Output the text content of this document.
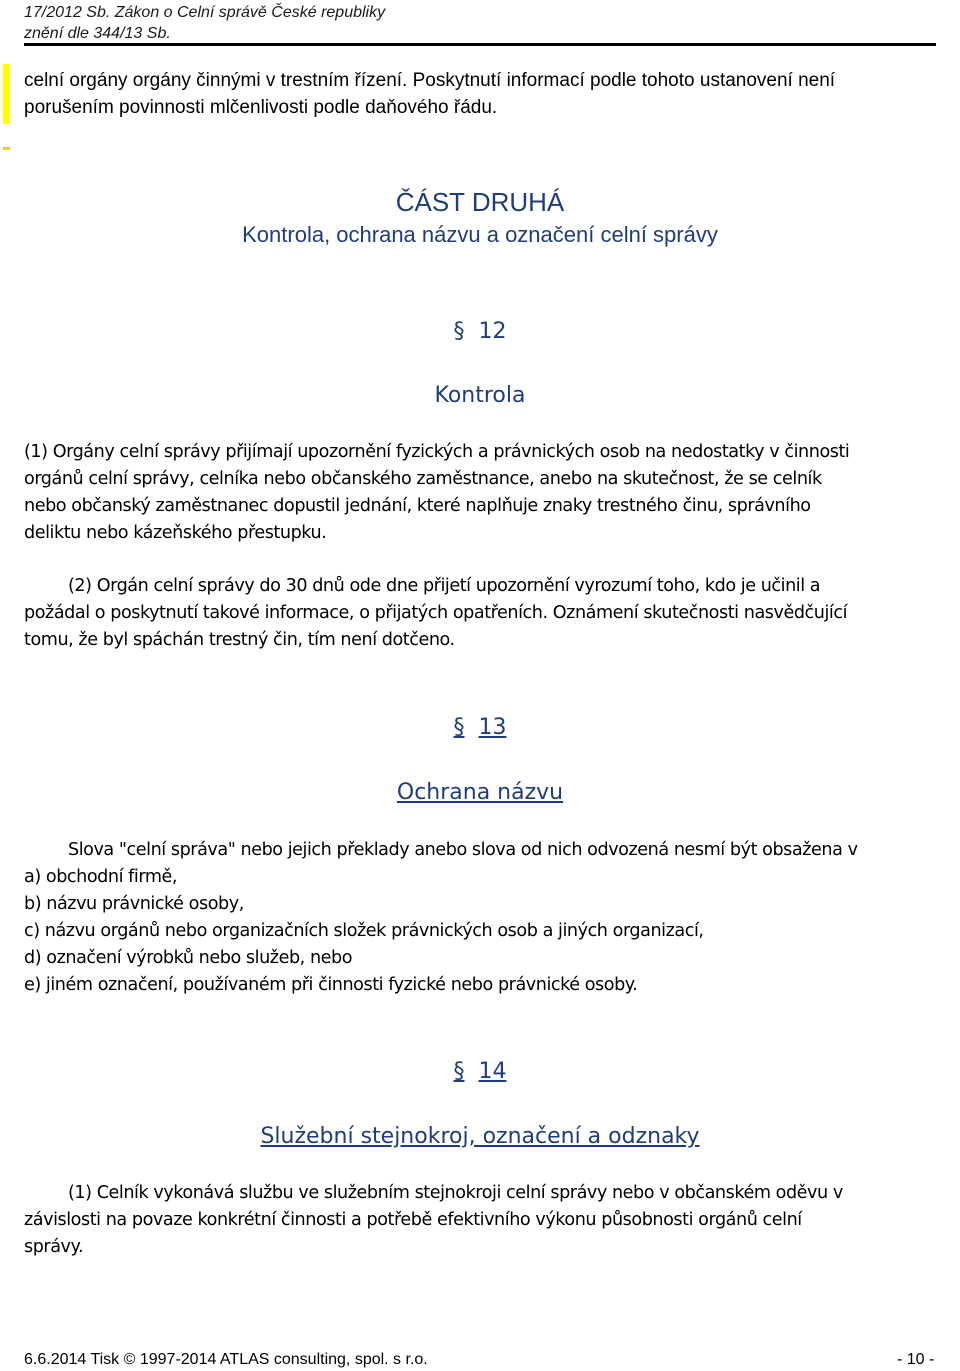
17/2012 Sb. Zákon o Celní správě České republiky
znění dle 344/13 Sb.
celní orgány orgány činnými v trestním řízení. Poskytnutí informací podle tohoto ustanovení není
porušením povinnosti mlčenlivosti podle daňového řádu.
ČÁST DRUHÁ
Kontrola, ochrana názvu a označení celní správy
§ 12
Kontrola
(1) Orgány celní správy přijímají upozornění fyzických a právnických osob na nedostatky v činnosti
orgánů celní správy, celníka nebo občanského zaměstnance, anebo na skutečnost, že se celník
nebo občanský zaměstnanec dopustil jednání, které naplňuje znaky trestného činu, správního
deliktu nebo kázeňského přestupku.
(2) Orgán celní správy do 30 dnů ode dne přijetí upozornění vyrozumí toho, kdo je učinil a
požádal o poskytnutí takové informace, o přijatých opatřeních. Oznámení skutečnosti nasvědčující
tomu, že byl spáchán trestný čin, tím není dotčeno.
§ 13
Ochrana názvu
Slova "celní správa" nebo jejich překlady anebo slova od nich odvozená nesmí být obsažena v
a) obchodní firmě,
b) názvu právnické osoby,
c) názvu orgánů nebo organizačních složek právnických osob a jiných organizací,
d) označení výrobků nebo služeb, nebo
e) jiném označení, používaném při činnosti fyzické nebo právnické osoby.
§ 14
Služební stejnokroj, označení a odznaky
(1) Celník vykonává službu ve služebním stejnokroji celní správy nebo v občanském oděvu v
závislosti na povaze konkrétní činnosti a potřebě efektivního výkonu působnosti orgánů celní
správy.
6.6.2014 Tisk © 1997-2014 ATLAS consulting, spol. s r.o.	- 10 -
